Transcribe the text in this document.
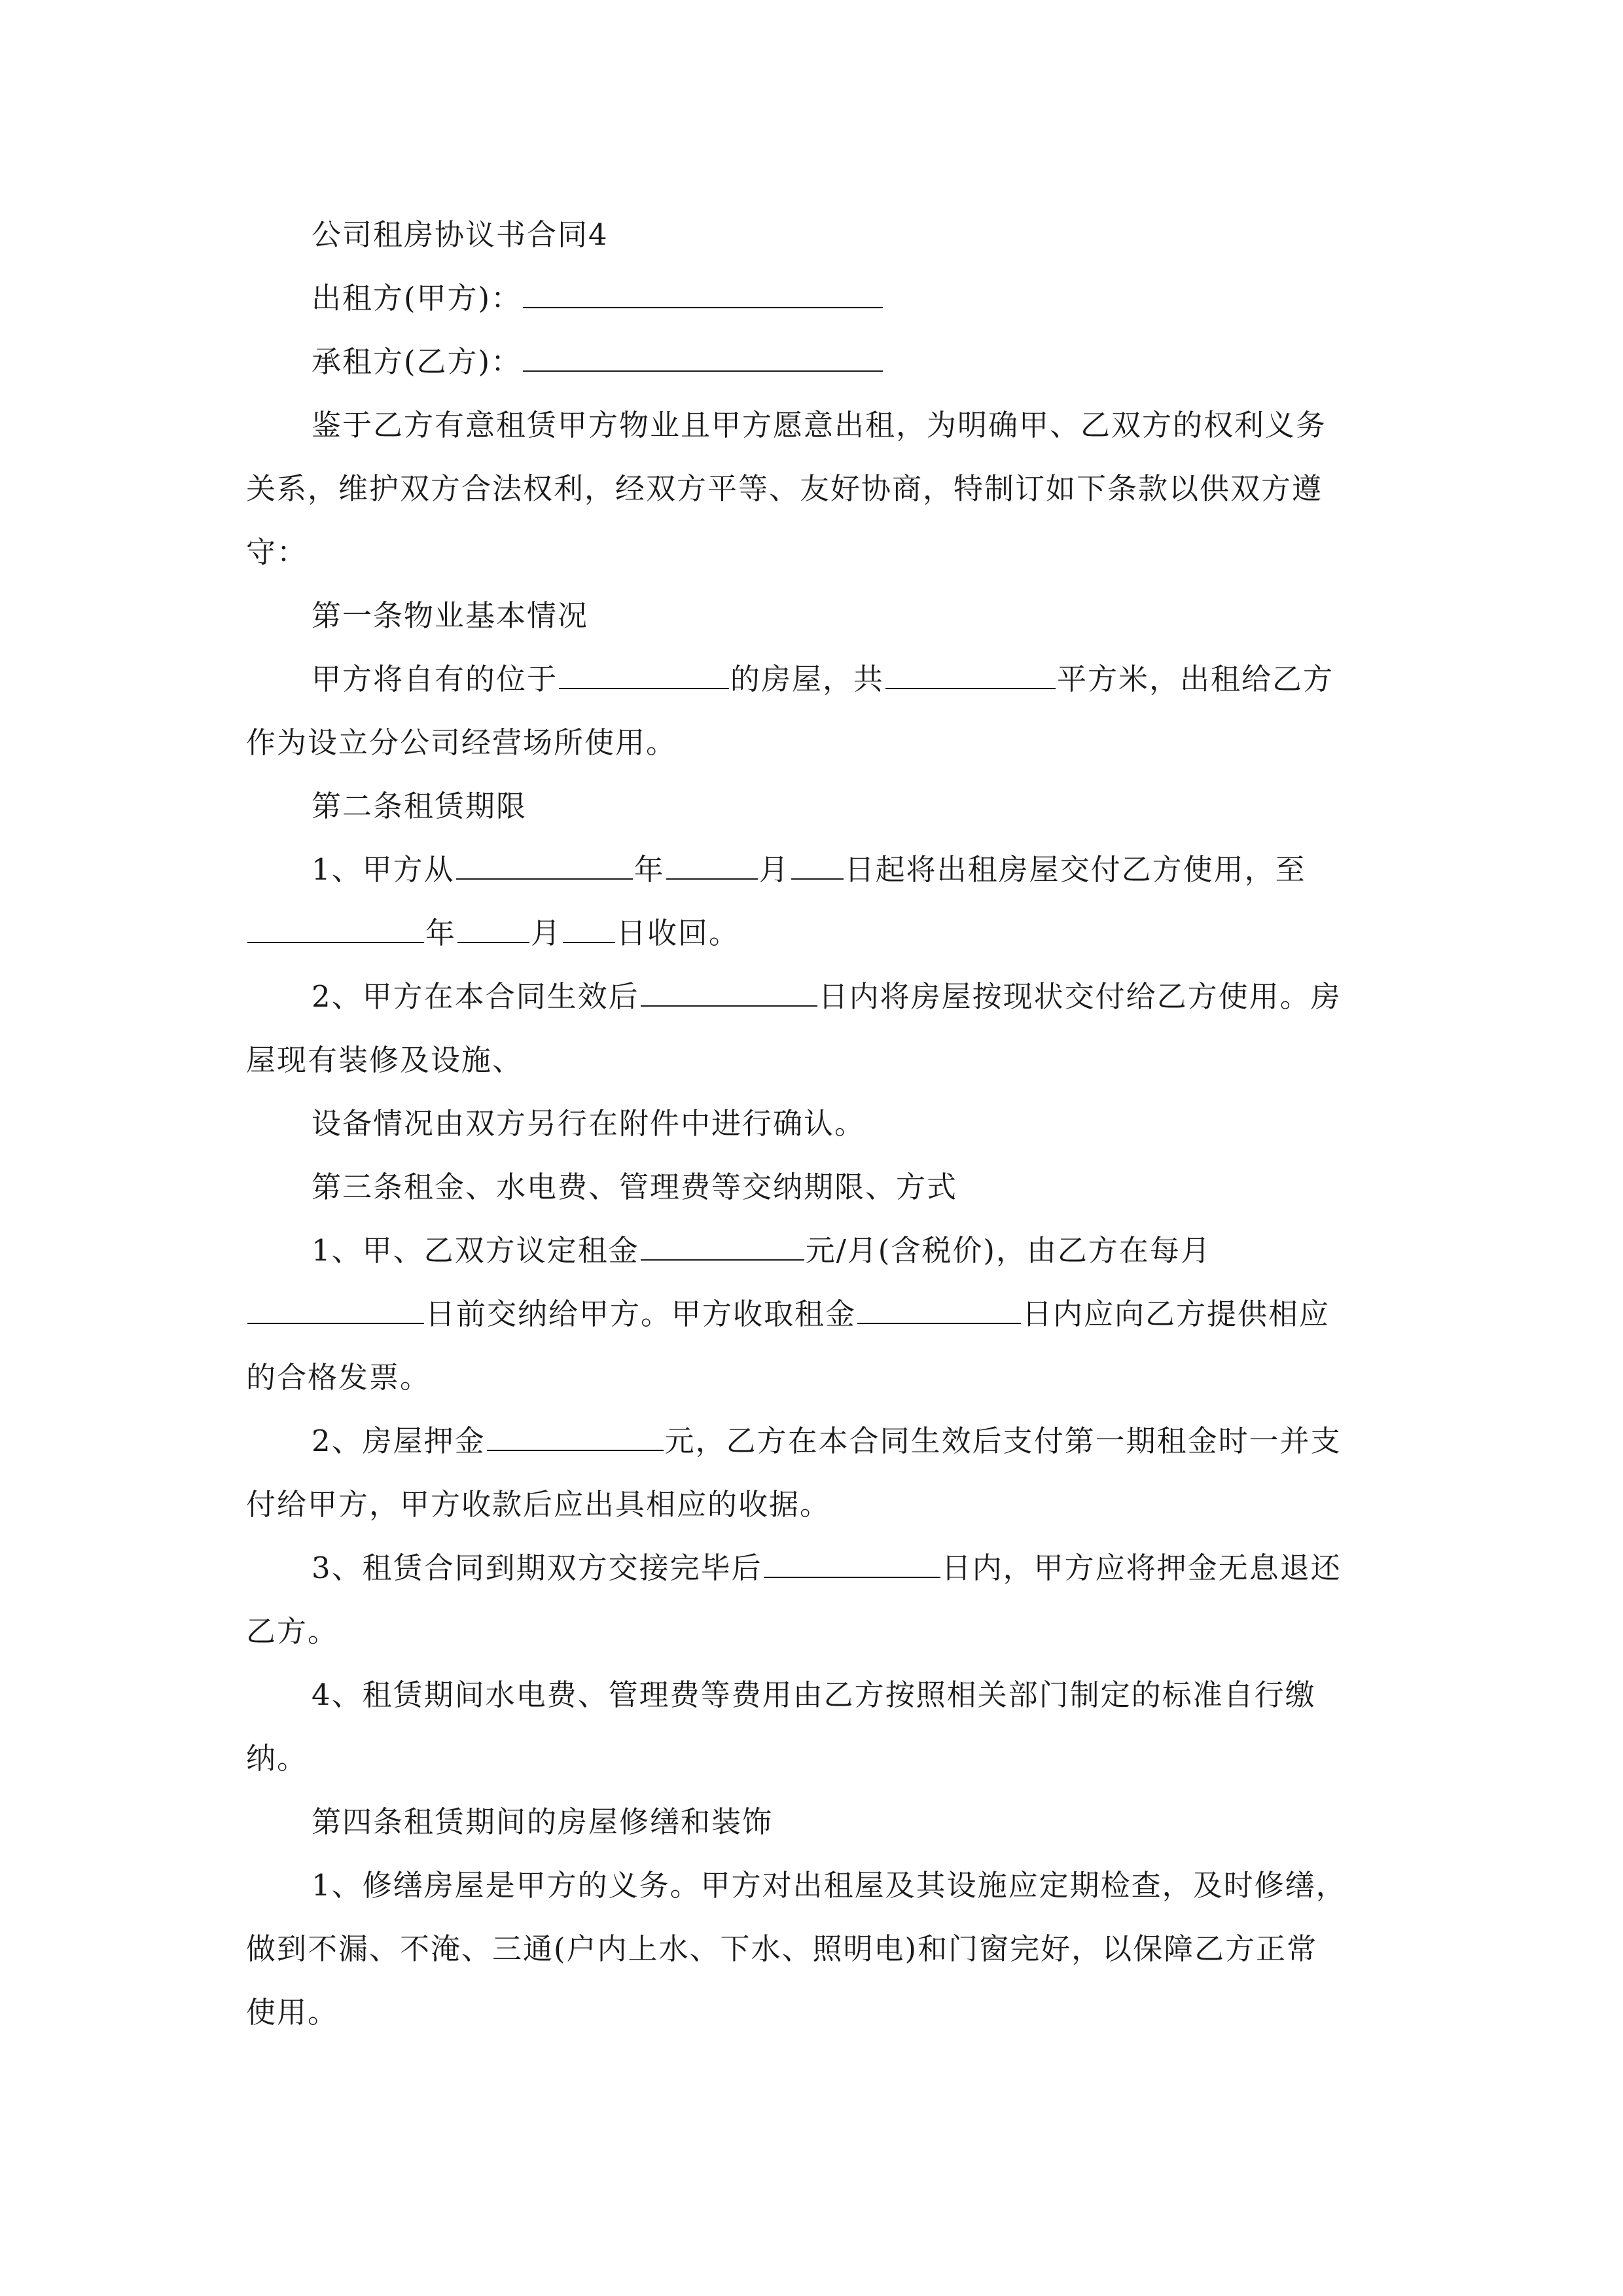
公司租房协议书合同4
出租方(甲方)：
承租方(乙方)：
鉴于乙方有意租赁甲方物业且甲方愿意出租，为明确甲、乙双方的权利义务
关系，维护双方合法权利，经双方平等、友好协商，特制订如下条款以供双方遵
守：
第一条物业基本情况
甲方将自有的位于	的房屋，共	平方米，出租给乙方
作为设立分公司经营场所使用。
第二条租赁期限
1、甲方从	年	月 日起将出租房屋交付乙方使用，至
年	月 日收回。
2、甲方在本合同生效后	日内将房屋按现状交付给乙方使用。房
屋现有装修及设施、
设备情况由双方另行在附件中进行确认。
第三条租金、水电费、管理费等交纳期限、方式
1、甲、乙双方议定租金	元/月(含税价)，由乙方在每月
日前交纳给甲方。甲方收取租金	日内应向乙方提供相应
的合格发票。
2、房屋押金	元，乙方在本合同生效后支付第一期租金时一并支
付给甲方，甲方收款后应出具相应的收据。
3、租赁合同到期双方交接完毕后	日内，甲方应将押金无息退还
乙方。
4、租赁期间水电费、管理费等费用由乙方按照相关部门制定的标准自行缴
纳。
第四条租赁期间的房屋修缮和装饰
1、修缮房屋是甲方的义务。甲方对出租屋及其设施应定期检查，及时修缮，
做到不漏、不淹、三通(户内上水、下水、照明电)和门窗完好，以保障乙方正常
使用。
